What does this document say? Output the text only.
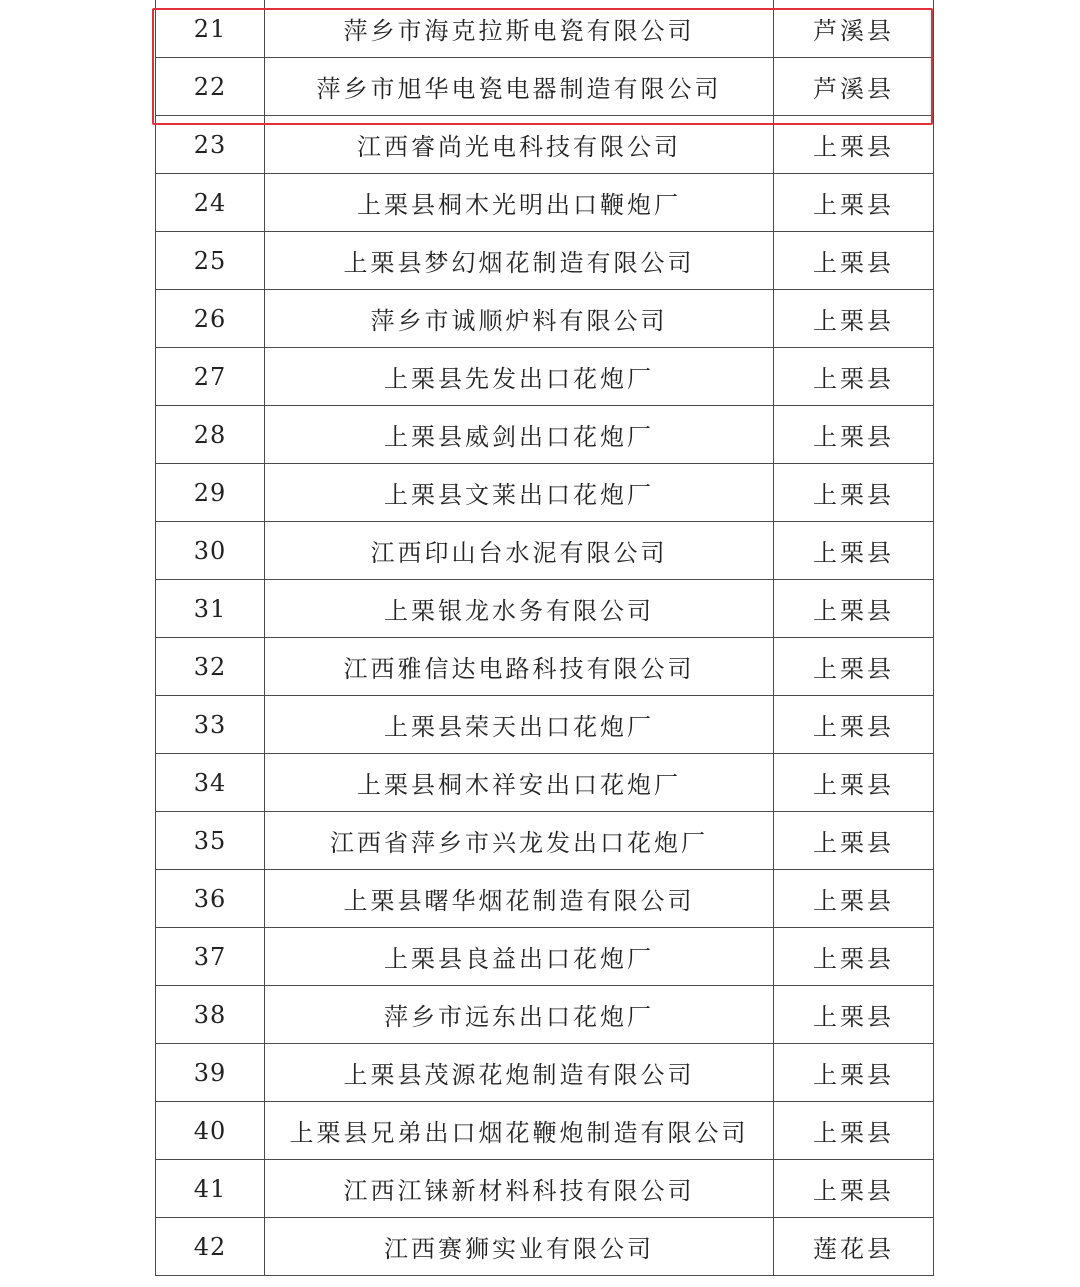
21	萍乡市海克拉斯电瓷有限公司	芦溪县
22	萍乡市旭华电瓷电器制造有限公司	芦溪县
23	江西睿尚光电科技有限公司	上栗县
24	上栗县桐木光明出口鞭炮厂	上栗县
25	上栗县梦幻烟花制造有限公司	上栗县
26	萍乡市诚顺炉料有限公司	上栗县
27	上栗县先发出口花炮厂	上栗县
28	上栗县威剑出口花炮厂	上栗县
29	上栗县文莱出口花炮厂	上栗县
30	江西印山台水泥有限公司	上栗县
31	上栗银龙水务有限公司	上栗县
32	江西雅信达电路科技有限公司	上栗县
33	上栗县荣天出口花炮厂	上栗县
34	上栗县桐木祥安出口花炮厂	上栗县
35	江西省萍乡市兴龙发出口花炮厂	上栗县
36	上栗县曙华烟花制造有限公司	上栗县
37	上栗县良益出口花炮厂	上栗县
38	萍乡市远东出口花炮厂	上栗县
39	上栗县茂源花炮制造有限公司	上栗县
40	上栗县兄弟出口烟花鞭炮制造有限公司	上栗县
41	江西江铼新材料科技有限公司	上栗县
42	江西赛狮实业有限公司	莲花县
